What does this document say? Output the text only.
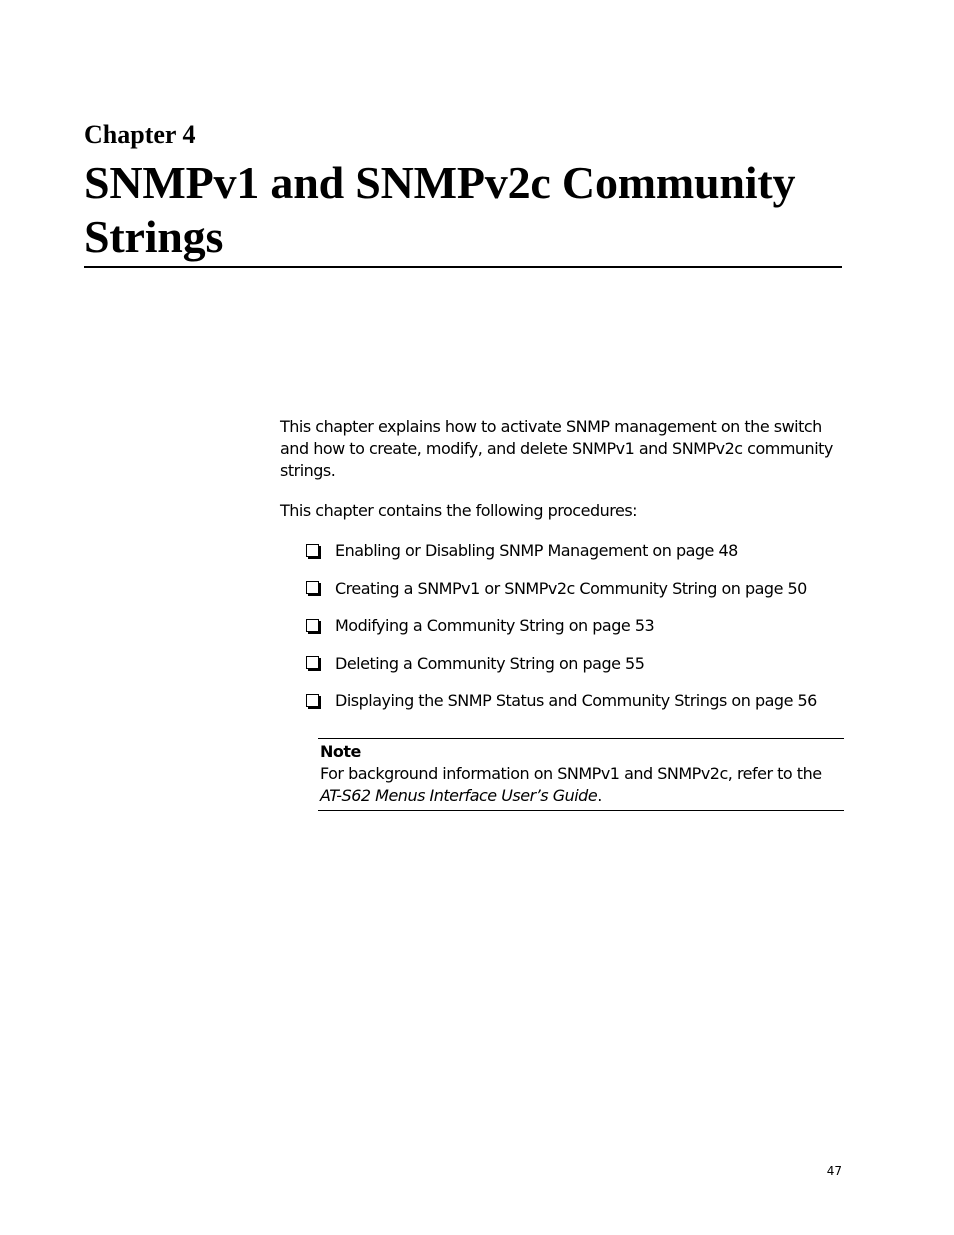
Chapter 4
SNMPv1 and SNMPv2c Community Strings

This chapter explains how to activate SNMP management on the switch and how to create, modify, and delete SNMPv1 and SNMPv2c community strings.

This chapter contains the following procedures:

Enabling or Disabling SNMP Management on page 48
Creating a SNMPv1 or SNMPv2c Community String on page 50
Modifying a Community String on page 53
Deleting a Community String on page 55
Displaying the SNMP Status and Community Strings on page 56
Note
For background information on SNMPv1 and SNMPv2c, refer to the AT-S62 Menus Interface User’s Guide.
47
